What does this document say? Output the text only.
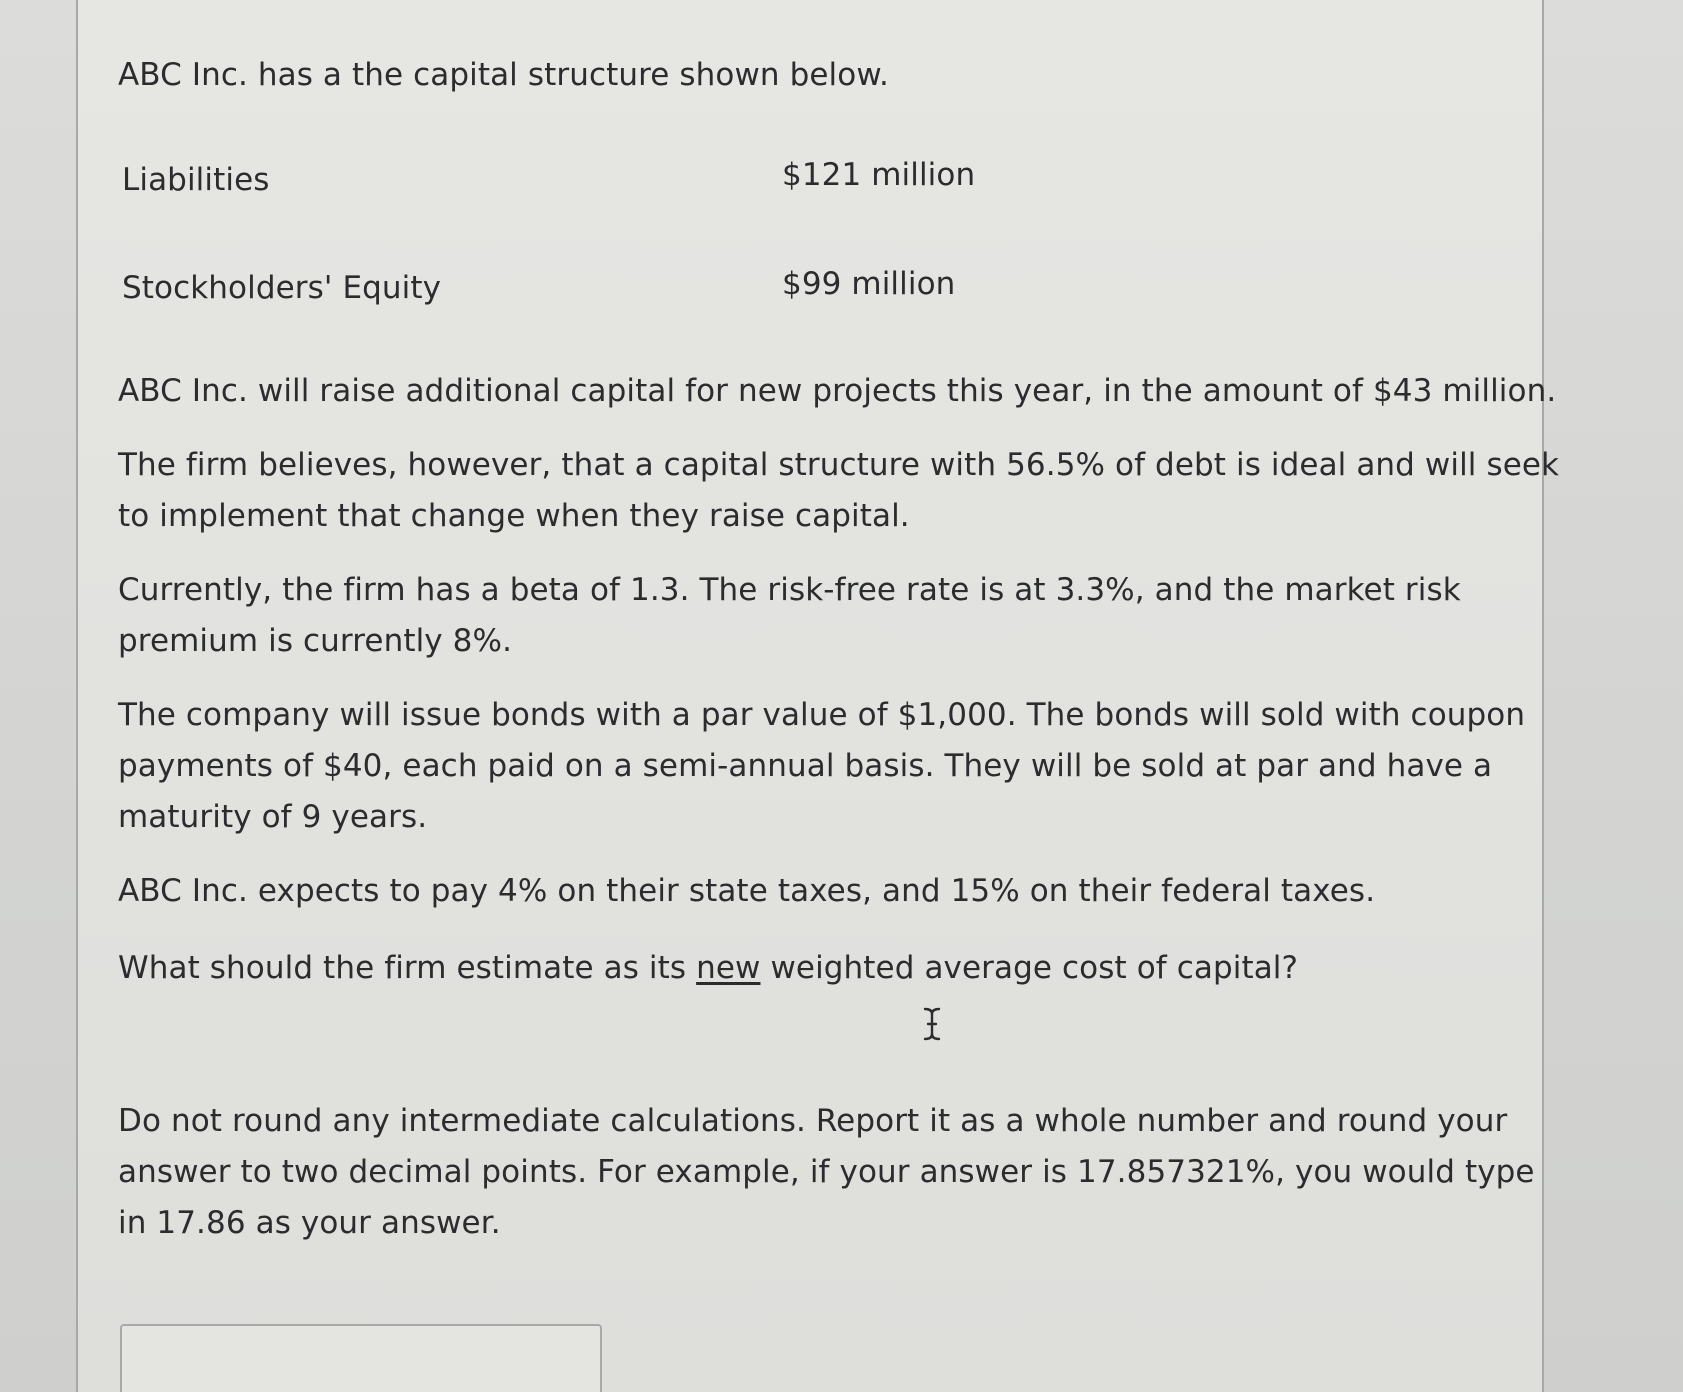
ABC Inc. has a the capital structure shown below.
Liabilities	$121 million
Stockholders' Equity	$99 million
ABC Inc. will raise additional capital for new projects this year, in the amount of $43 million.
The firm believes, however, that a capital structure with 56.5% of debt is ideal and will seek
to implement that change when they raise capital.
Currently, the firm has a beta of 1.3. The risk-free rate is at 3.3%, and the market risk
premium is currently 8%.
The company will issue bonds with a par value of $1,000. The bonds will sold with coupon
payments of $40, each paid on a semi-annual basis. They will be sold at par and have a
maturity of 9 years.
ABC Inc. expects to pay 4% on their state taxes, and 15% on their federal taxes.
What should the firm estimate as its new weighted average cost of capital?
Do not round any intermediate calculations. Report it as a whole number and round your
answer to two decimal points. For example, if your answer is 17.857321%, you would type
in 17.86 as your answer.
